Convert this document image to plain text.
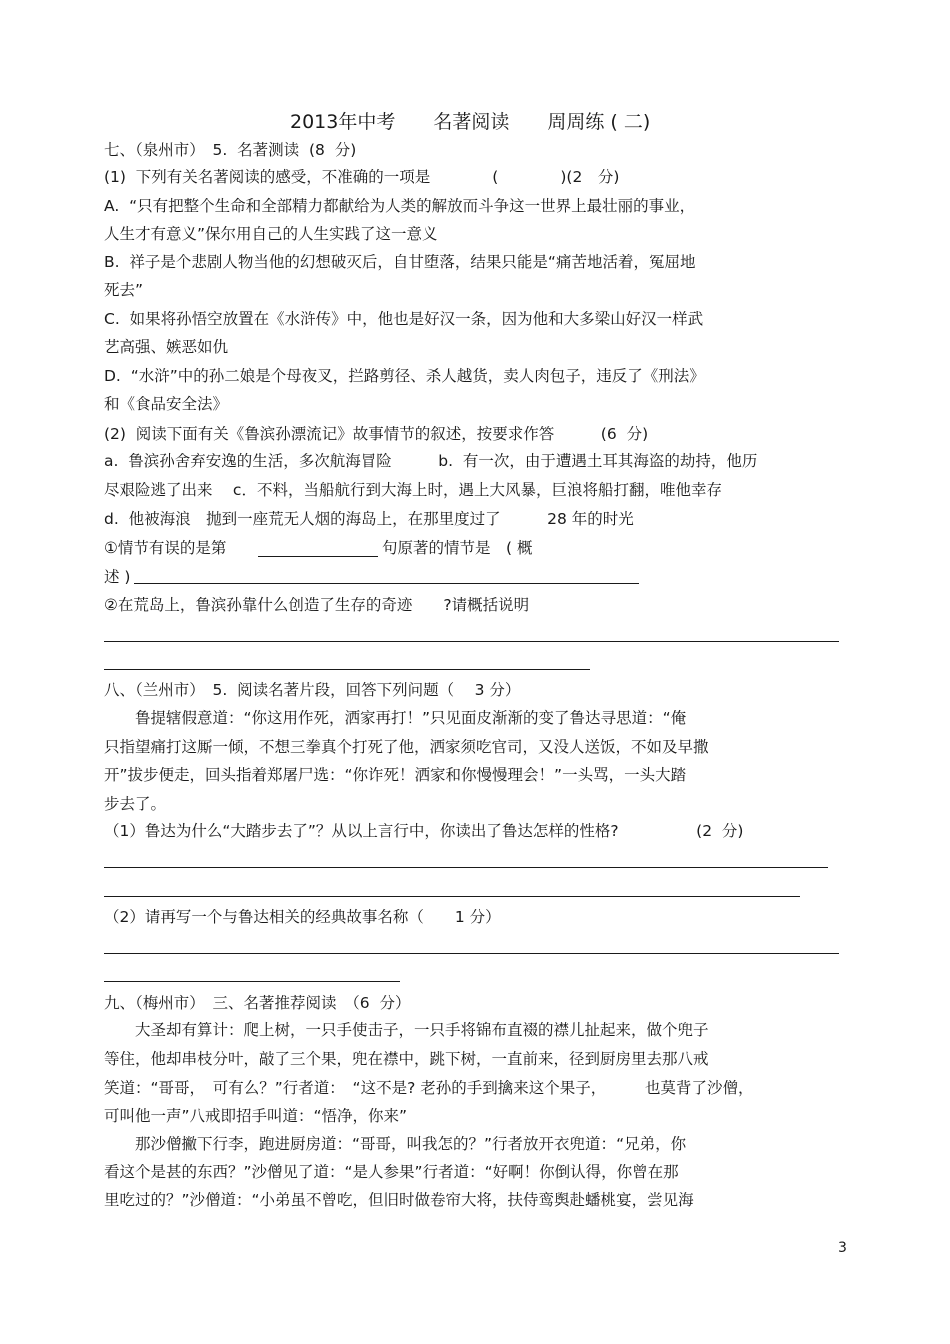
2013年中考　　名著阅读　　周周练 ( 二)
七、（泉州市）　5.  名著测读  (8  分)
(1)  下列有关名著阅读的感受，不准确的一项是　　　　(　　　　)(2　分)
A.  “只有把整个生命和全部精力都献给为人类的解放而斗争这一世界上最壮丽的事业，
人生才有意义”保尔用自己的人生实践了这一意义
B.  祥子是个悲剧人物当他的幻想破灭后，自甘堕落，结果只能是“痛苦地活着，冤屈地
死去”
C.  如果将孙悟空放置在《水浒传》中，他也是好汉一条，因为他和大多梁山好汉一样武
艺高强、嫉恶如仇
D.  “水浒”中的孙二娘是个母夜叉，拦路剪径、杀人越货，卖人肉包子，违反了《刑法》
和《食品安全法》
(2)  阅读下面有关《鲁滨孙漂流记》故事情节的叙述，按要求作答　　　(6  分)
a.  鲁滨孙舍弃安逸的生活，多次航海冒险　　　b.  有一次，由于遭遇土耳其海盗的劫持，他历
尽艰险逃了出来　 c．不料，当船航行到大海上时，遇上大风暴，巨浪将船打翻，唯他幸存
d.  他被海浪　抛到一座荒无人烟的海岛上，在那里度过了　　　28 年的时光
①情节有误的是第	句原著的情节是　( 概
述 )
②在荒岛上，鲁滨孙靠什么创造了生存的奇迹　　?请概括说明
八、（兰州市）　5.  阅读名著片段，回答下列问题（　 3 分）
　　鲁提辖假意道：“你这用作死，洒家再打！”只见面皮渐渐的变了鲁达寻思道：“俺
只指望痛打这厮一倾，不想三拳真个打死了他，洒家须吃官司，又没人送饭，不如及早撒
开”拔步便走，回头指着郑屠尸选：“你诈死！洒家和你慢慢理会！”一头骂，一头大踏
步去了。
（1）鲁达为什么“大踏步去了”？从以上言行中，你读出了鲁达怎样的性格?　　　　　(2  分)
（2）请再写一个与鲁达相关的经典故事名称（　　1 分）
九、（梅州市）　三、名著推荐阅读　（6  分）
　　大圣却有算计：爬上树，一只手使击子，一只手将锦布直裰的襟儿扯起来，做个兜子
等住，他却串枝分叶，敲了三个果，兜在襟中，跳下树，一直前来，径到厨房里去那八戒
笑道：“哥哥，　可有么？”行者道：　“这不是? 老孙的手到擒来这个果子，　　　也莫背了沙僧，
可叫他一声”八戒即招手叫道：“悟净，你来”
　　那沙僧撇下行李，跑进厨房道：“哥哥，叫我怎的？”行者放开衣兜道：“兄弟，你
看这个是甚的东西？”沙僧见了道：“是人参果”行者道：“好啊！你倒认得，你曾在那
里吃过的？”沙僧道：“小弟虽不曾吃，但旧时做卷帘大将，扶侍鸾舆赴蟠桃宴，尝见海
3
